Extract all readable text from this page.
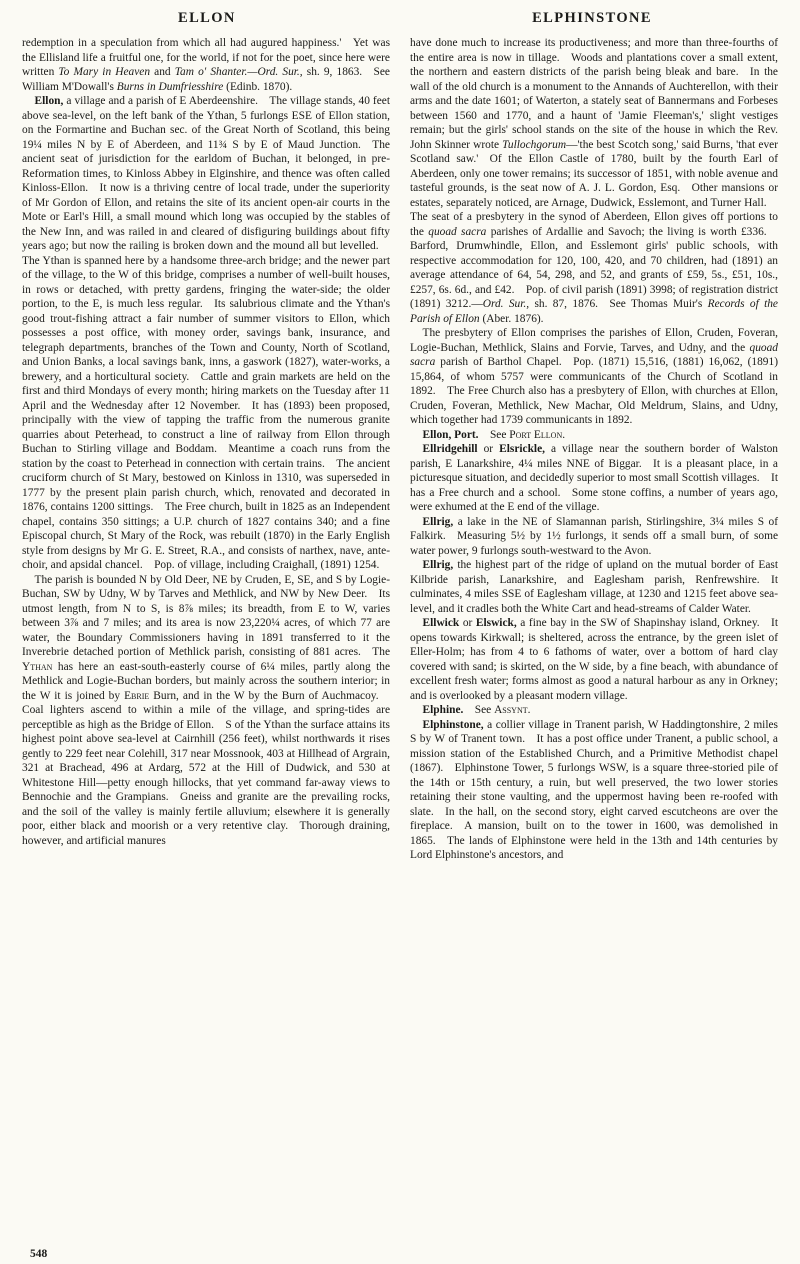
ELLON	ELPHINSTONE

redemption in a speculation from which all had augured happiness.' Yet was the Ellisland life a fruitful one, for the world, if not for the poet, since here were written To Mary in Heaven and Tam o' Shanter.—Ord. Sur., sh. 9, 1863. See William M'Dowall's Burns in Dumfriesshire (Edinb. 1870).

Ellon, a village and a parish of E Aberdeenshire. The village stands, 40 feet above sea-level, on the left bank of the Ythan, 5 furlongs ESE of Ellon station, on the Formartine and Buchan sec. of the Great North of Scotland, this being 19¼ miles N by E of Aberdeen, and 11¾ S by E of Maud Junction. The ancient seat of jurisdiction for the earldom of Buchan, it belonged, in pre-Reformation times, to Kinloss Abbey in Elginshire, and thence was often called Kinloss-Ellon. It now is a thriving centre of local trade, under the superiority of Mr Gordon of Ellon, and retains the site of its ancient open-air courts in the Mote or Earl's Hill, a small mound which long was occupied by the stables of the New Inn, and was railed in and cleared of disfiguring buildings about fifty years ago; but now the railing is broken down and the mound all but levelled. The Ythan is spanned here by a handsome three-arch bridge; and the newer part of the village, to the W of this bridge, comprises a number of well-built houses, in rows or detached, with pretty gardens, fringing the water-side; the older portion, to the E, is much less regular. Its salubrious climate and the Ythan's good trout-fishing attract a fair number of summer visitors to Ellon, which possesses a post office, with money order, savings bank, insurance, and telegraph departments, branches of the Town and County, North of Scotland, and Union Banks, a local savings bank, inns, a gaswork (1827), water-works, a brewery, and a horticultural society. Cattle and grain markets are held on the first and third Mondays of every month; hiring markets on the Tuesday after 11 April and the Wednesday after 12 November. It has (1893) been proposed, principally with the view of tapping the traffic from the numerous granite quarries about Peterhead, to construct a line of railway from Ellon through Buchan to Stirling village and Boddam. Meantime a coach runs from the station by the coast to Peterhead in connection with certain trains. The ancient cruciform church of St Mary, bestowed on Kinloss in 1310, was superseded in 1777 by the present plain parish church, which, renovated and decorated in 1876, contains 1200 sittings. The Free church, built in 1825 as an Independent chapel, contains 350 sittings; a U.P. church of 1827 contains 340; and a fine Episcopal church, St Mary of the Rock, was rebuilt (1870) in the Early English style from designs by Mr G. E. Street, R.A., and consists of narthex, nave, ante-choir, and apsidal chancel. Pop. of village, including Craighall, (1891) 1254.

The parish is bounded N by Old Deer, NE by Cruden, E, SE, and S by Logie-Buchan, SW by Udny, W by Tarves and Methlick, and NW by New Deer. Its utmost length, from N to S, is 8⅞ miles; its breadth, from E to W, varies between 3⅞ and 7 miles; and its area is now 23,220¼ acres, of which 77 are water, the Boundary Commissioners having in 1891 transferred to it the Inverebrie detached portion of Methlick parish, consisting of 881 acres. The Ythan has here an east-south-easterly course of 6¼ miles, partly along the Methlick and Logie-Buchan borders, but mainly across the southern interior; in the W it is joined by Ebrie Burn, and in the W by the Burn of Auchmacoy. Coal lighters ascend to within a mile of the village, and spring-tides are perceptible as high as the Bridge of Ellon. S of the Ythan the surface attains its highest point above sea-level at Cairnhill (256 feet), whilst northwards it rises gently to 229 feet near Colehill, 317 near Mossnook, 403 at Hillhead of Argrain, 321 at Brachead, 496 at Ardarg, 572 at the Hill of Dudwick, and 530 at Whitestone Hill—petty enough hillocks, that yet command far-away views to Bennochie and the Grampians. Gneiss and granite are the prevailing rocks, and the soil of the valley is mainly fertile alluvium; elsewhere it is generally poor, either black and moorish or a very retentive clay. Thorough draining, however, and artificial manures

have done much to increase its productiveness; and more than three-fourths of the entire area is now in tillage. Woods and plantations cover a small extent, the northern and eastern districts of the parish being bleak and bare. In the wall of the old church is a monument to the Annands of Auchterellon, with their arms and the date 1601; of Waterton, a stately seat of Bannermans and Forbeses between 1560 and 1770, and a haunt of 'Jamie Fleeman's,' slight vestiges remain; but the girls' school stands on the site of the house in which the Rev. John Skinner wrote Tullochgorum—'the best Scotch song,' said Burns, 'that ever Scotland saw.' Of the Ellon Castle of 1780, built by the fourth Earl of Aberdeen, only one tower remains; its successor of 1851, with noble avenue and tasteful grounds, is the seat now of A. J. L. Gordon, Esq. Other mansions or estates, separately noticed, are Arnage, Dudwick, Esslemont, and Turner Hall. The seat of a presbytery in the synod of Aberdeen, Ellon gives off portions to the quoad sacra parishes of Ardallie and Savoch; the living is worth £336. Barford, Drumwhindle, Ellon, and Esslemont girls' public schools, with respective accommodation for 120, 100, 420, and 70 children, had (1891) an average attendance of 64, 54, 298, and 52, and grants of £59, 5s., £51, 10s., £257, 6s. 6d., and £42. Pop. of civil parish (1891) 3998; of registration district (1891) 3212.—Ord. Sur., sh. 87, 1876. See Thomas Muir's Records of the Parish of Ellon (Aber. 1876).

The presbytery of Ellon comprises the parishes of Ellon, Cruden, Foveran, Logie-Buchan, Methlick, Slains and Forvie, Tarves, and Udny, and the quoad sacra parish of Barthol Chapel. Pop. (1871) 15,516, (1881) 16,062, (1891) 15,864, of whom 5757 were communicants of the Church of Scotland in 1892. The Free Church also has a presbytery of Ellon, with churches at Ellon, Cruden, Foveran, Methlick, New Machar, Old Meldrum, Slains, and Udny, which together had 1739 communicants in 1892.

Ellon, Port. See Port Ellon.

Ellridgehill or Elsrickle, a village near the southern border of Walston parish, E Lanarkshire, 4¼ miles NNE of Biggar. It is a pleasant place, in a picturesque situation, and decidedly superior to most small Scottish villages. It has a Free church and a school. Some stone coffins, a number of years ago, were exhumed at the E end of the village.

Ellrig, a lake in the NE of Slamannan parish, Stirlingshire, 3¼ miles S of Falkirk. Measuring 5½ by 1½ furlongs, it sends off a small burn, of some water power, 9 furlongs south-westward to the Avon.

Ellrig, the highest part of the ridge of upland on the mutual border of East Kilbride parish, Lanarkshire, and Eaglesham parish, Renfrewshire. It culminates, 4 miles SSE of Eaglesham village, at 1230 and 1215 feet above sea-level, and it cradles both the White Cart and head-streams of Calder Water.

Ellwick or Elswick, a fine bay in the SW of Shapinshay island, Orkney. It opens towards Kirkwall; is sheltered, across the entrance, by the green islet of Eller-Holm; has from 4 to 6 fathoms of water, over a bottom of hard clay covered with sand; is skirted, on the W side, by a fine beach, with abundance of excellent fresh water; forms almost as good a natural harbour as any in Orkney; and is overlooked by a pleasant modern village.

Elphine. See Assynt.

Elphinstone, a collier village in Tranent parish, W Haddingtonshire, 2 miles S by W of Tranent town. It has a post office under Tranent, a public school, a mission station of the Established Church, and a Primitive Methodist chapel (1867). Elphinstone Tower, 5 furlongs WSW, is a square three-storied pile of the 14th or 15th century, a ruin, but well preserved, the two lower stories retaining their stone vaulting, and the uppermost having been re-roofed with slate. In the hall, on the second story, eight carved escutcheons are over the fireplace. A mansion, built on to the tower in 1600, was demolished in 1865. The lands of Elphinstone were held in the 13th and 14th centuries by Lord Elphinstone's ancestors, and

548
